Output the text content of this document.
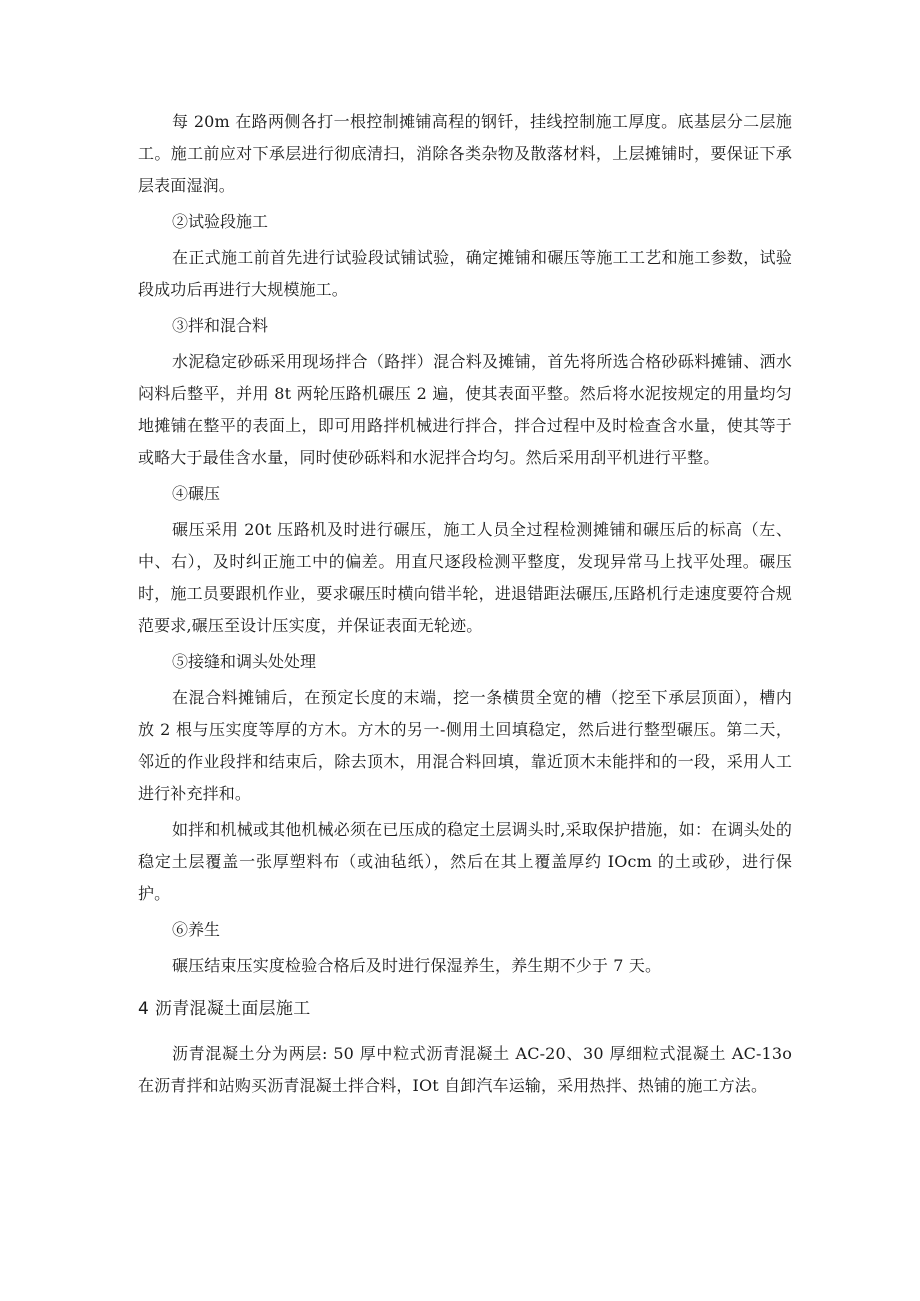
每 20m 在路两侧各打一根控制摊铺高程的钢钎，挂线控制施工厚度。底基层分二层施工。施工前应对下承层进行彻底清扫，消除各类杂物及散落材料，上层摊铺时，要保证下承层表面湿润。

②试验段施工

在正式施工前首先进行试验段试铺试验，确定摊铺和碾压等施工工艺和施工参数，试验段成功后再进行大规模施工。

③拌和混合料

水泥稳定砂砾采用现场拌合（路拌）混合料及摊铺，首先将所选合格砂砾料摊铺、洒水闷料后整平，并用 8t 两轮压路机碾压 2 遍，使其表面平整。然后将水泥按规定的用量均匀地摊铺在整平的表面上，即可用路拌机械进行拌合，拌合过程中及时检查含水量，使其等于或略大于最佳含水量，同时使砂砾料和水泥拌合均匀。然后采用刮平机进行平整。

④碾压

碾压采用 20t 压路机及时进行碾压，施工人员全过程检测摊铺和碾压后的标高（左、中、右），及时纠正施工中的偏差。用直尺逐段检测平整度，发现异常马上找平处理。碾压时，施工员要跟机作业，要求碾压时横向错半轮，进退错距法碾压,压路机行走速度要符合规范要求,碾压至设计压实度，并保证表面无轮迹。

⑤接缝和调头处处理

在混合料摊铺后，在预定长度的末端，挖一条横贯全宽的槽（挖至下承层顶面），槽内放 2 根与压实度等厚的方木。方木的另一-侧用土回填稳定，然后进行整型碾压。第二天，邻近的作业段拌和结束后，除去顶木，用混合料回填，靠近顶木未能拌和的一段，采用人工进行补充拌和。

如拌和机械或其他机械必须在已压成的稳定土层调头时,采取保护措施，如：在调头处的稳定土层覆盖一张厚塑料布（或油毡纸），然后在其上覆盖厚约 IOcm 的土或砂，进行保护。

⑥养生

碾压结束压实度检验合格后及时进行保湿养生，养生期不少于 7 天。

4 沥青混凝土面层施工

沥青混凝土分为两层: 50 厚中粒式沥青混凝土 AC-20、30 厚细粒式混凝土 AC-13o 在沥青拌和站购买沥青混凝土拌合料，IOt 自卸汽车运输，采用热拌、热铺的施工方法。
